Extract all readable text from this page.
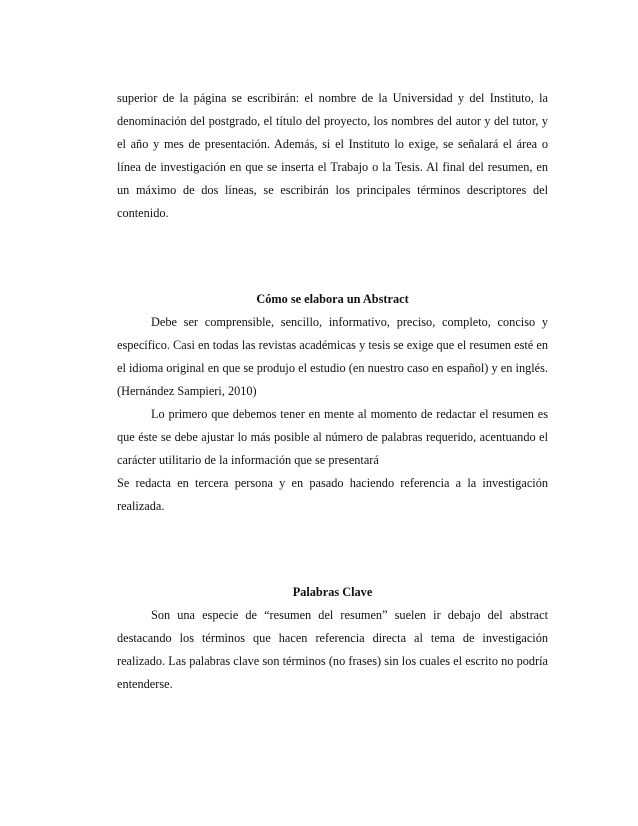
superior de la página se escribirán: el nombre de la Universidad y del Instituto, la denominación del postgrado, el título del proyecto, los nombres del autor y del tutor, y el año y mes de presentación. Además, si el Instituto lo exige, se señalará el área o línea de investigación en que se inserta el Trabajo o la Tesis. Al final del resumen, en un máximo de dos líneas, se escribirán los principales términos descriptores del contenido.

Cómo se elabora un Abstract

Debe ser comprensible, sencillo, informativo, preciso, completo, conciso y específico. Casi en todas las revistas académicas y tesis se exige que el resumen esté en el idioma original en que se produjo el estudio (en nuestro caso en español) y en inglés. (Hernández Sampieri, 2010)

Lo primero que debemos tener en mente al momento de redactar el resumen es que éste se debe ajustar lo más posible al número de palabras requerido, acentuando el carácter utilitario de la información que se presentará

Se redacta en tercera persona y en pasado haciendo referencia a la investigación realizada.

Palabras Clave

Son una especie de “resumen del resumen” suelen ir debajo del abstract destacando los términos que hacen referencia directa al tema de investigación realizado. Las palabras clave son términos (no frases) sin los cuales el escrito no podría entenderse.
